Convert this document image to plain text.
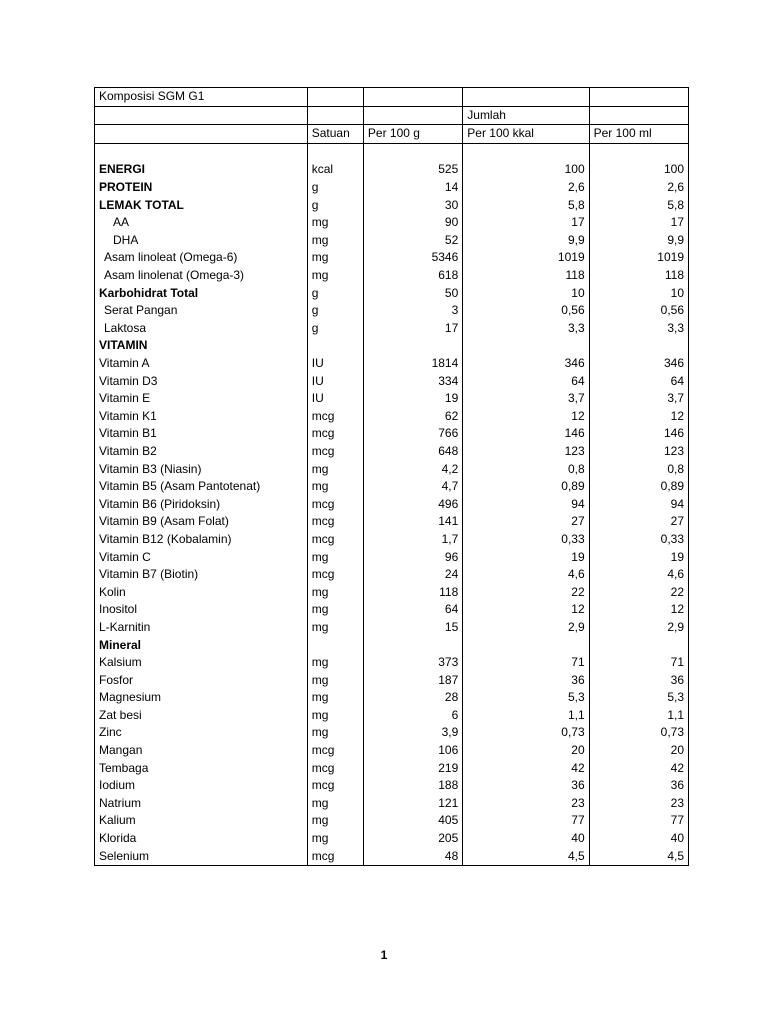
Komposisi SGM G1				
			Jumlah	
	Satuan	Per 100 g	Per 100 kkal	Per 100 ml

ENERGI	kcal	525	100	100
PROTEIN	g	14	2,6	2,6
LEMAK TOTAL	g	30	5,8	5,8
AA	mg	90	17	17
DHA	mg	52	9,9	9,9
Asam linoleat (Omega-6)	mg	5346	1019	1019
Asam linolenat (Omega-3)	mg	618	118	118
Karbohidrat Total	g	50	10	10
Serat Pangan	g	3	0,56	0,56
Laktosa	g	17	3,3	3,3
VITAMIN				
Vitamin A	IU	1814	346	346
Vitamin D3	IU	334	64	64
Vitamin E	IU	19	3,7	3,7
Vitamin K1	mcg	62	12	12
Vitamin B1	mcg	766	146	146
Vitamin B2	mcg	648	123	123
Vitamin B3 (Niasin)	mg	4,2	0,8	0,8
Vitamin B5 (Asam Pantotenat)	mg	4,7	0,89	0,89
Vitamin B6 (Piridoksin)	mcg	496	94	94
Vitamin B9 (Asam Folat)	mcg	141	27	27
Vitamin B12 (Kobalamin)	mcg	1,7	0,33	0,33
Vitamin C	mg	96	19	19
Vitamin B7 (Biotin)	mcg	24	4,6	4,6
Kolin	mg	118	22	22
Inositol	mg	64	12	12
L-Karnitin	mg	15	2,9	2,9
Mineral				
Kalsium	mg	373	71	71
Fosfor	mg	187	36	36
Magnesium	mg	28	5,3	5,3
Zat besi	mg	6	1,1	1,1
Zinc	mg	3,9	0,73	0,73
Mangan	mcg	106	20	20
Tembaga	mcg	219	42	42
Iodium	mcg	188	36	36
Natrium	mg	121	23	23
Kalium	mg	405	77	77
Klorida	mg	205	40	40
Selenium	mcg	48	4,5	4,5
1
